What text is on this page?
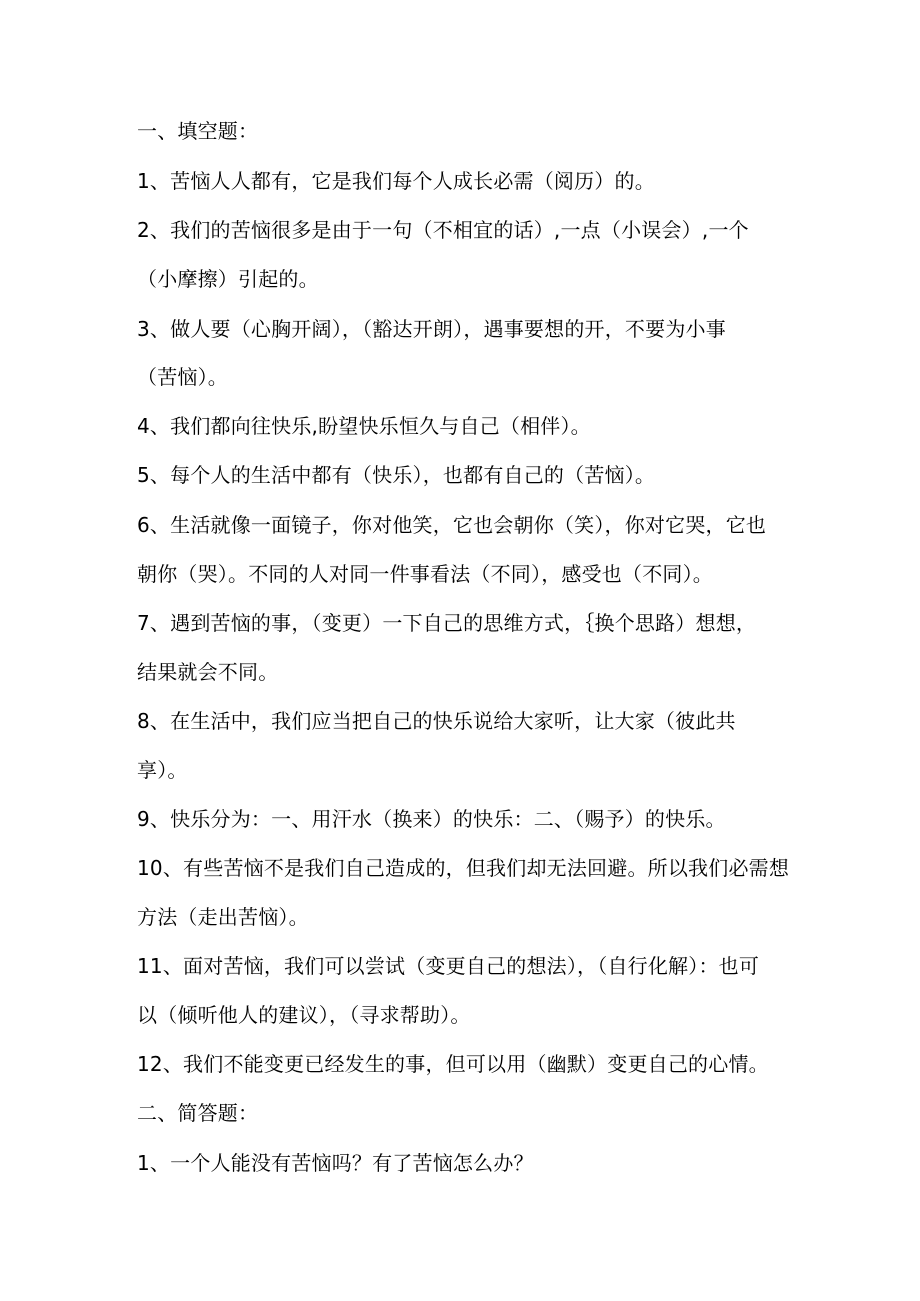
一、填空题：
1、苦恼人人都有，它是我们每个人成长必需（阅历）的。
2、我们的苦恼很多是由于一句（不相宜的话）,一点（小误会）,一个
（小摩擦）引起的。
3、做人要（心胸开阔），（豁达开朗），遇事要想的开，不要为小事
（苦恼）。
4、我们都向往快乐,盼望快乐恒久与自己（相伴）。
5、每个人的生活中都有（快乐），也都有自己的（苦恼）。
6、生活就像一面镜子，你对他笑，它也会朝你（笑），你对它哭，它也
朝你（哭）。不同的人对同一件事看法（不同），感受也（不同）。
7、遇到苦恼的事，（变更）一下自己的思维方式，｛换个思路）想想，
结果就会不同。
8、在生活中，我们应当把自己的快乐说给大家听，让大家（彼此共
享）。
9、快乐分为：一、用汗水（换来）的快乐：二、（赐予）的快乐。
10、有些苦恼不是我们自己造成的，但我们却无法回避。所以我们必需想
方法（走出苦恼）。
11、面对苦恼，我们可以尝试（变更自己的想法），（自行化解）：也可
以（倾听他人的建议），（寻求帮助）。
12、我们不能变更已经发生的事，但可以用（幽默）变更自己的心情。
二、简答题：
1、一个人能没有苦恼吗？有了苦恼怎么办？
